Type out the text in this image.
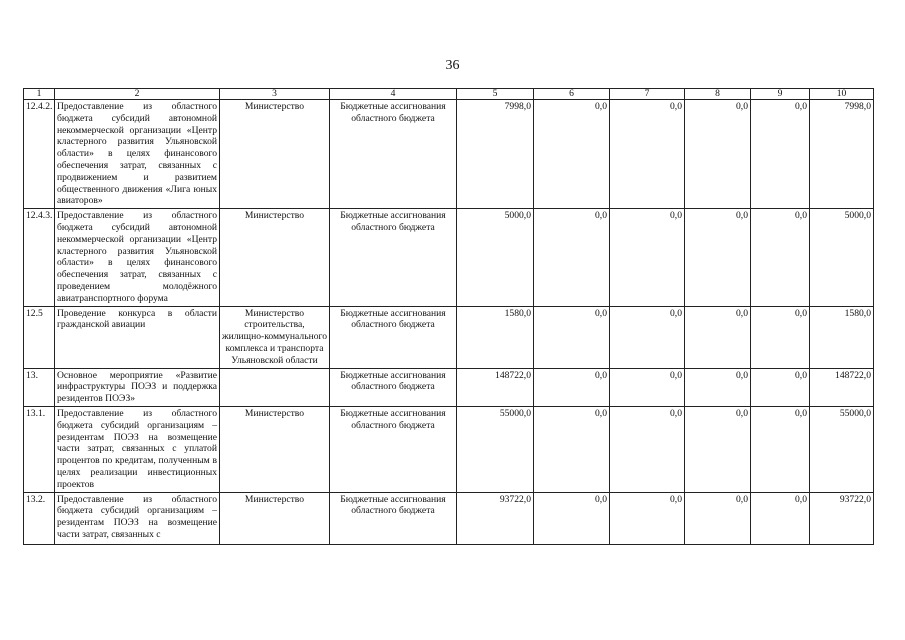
36
1	2	3	4	5	6	7	8	9	10
12.4.2.	Предоставление из областного бюджета субсидий автономной некоммерческой организации «Центр кластерного развития Ульяновской области» в целях финансового обеспечения затрат, связанных с продвижением и развитием общественного движения «Лига юных авиаторов»	Министерство	Бюджетные ассигнования областного бюджета	7998,0	0,0	0,0	0,0	0,0	7998,0
12.4.3.	Предоставление из областного бюджета субсидий автономной некоммерческой организации «Центр кластерного развития Ульяновской области» в целях финансового обеспечения затрат, связанных с проведением молодёжного авиатранспортного форума	Министерство	Бюджетные ассигнования областного бюджета	5000,0	0,0	0,0	0,0	0,0	5000,0
12.5	Проведение конкурса в области гражданской авиации	Министерство строительства, жилищно-коммунального комплекса и транспорта Ульяновской области	Бюджетные ассигнования областного бюджета	1580,0	0,0	0,0	0,0	0,0	1580,0
13.	Основное мероприятие «Развитие инфраструктуры ПОЭЗ и поддержка резидентов ПОЭЗ»		Бюджетные ассигнования областного бюджета	148722,0	0,0	0,0	0,0	0,0	148722,0
13.1.	Предоставление из областного бюджета субсидий организациям – резидентам ПОЭЗ на возмещение части затрат, связанных с уплатой процентов по кредитам, полученным в целях реализации инвестиционных проектов	Министерство	Бюджетные ассигнования областного бюджета	55000,0	0,0	0,0	0,0	0,0	55000,0
13.2.	Предоставление из областного бюджета субсидий организациям – резидентам ПОЭЗ на возмещение части затрат, связанных с	Министерство	Бюджетные ассигнования областного бюджета	93722,0	0,0	0,0	0,0	0,0	93722,0
